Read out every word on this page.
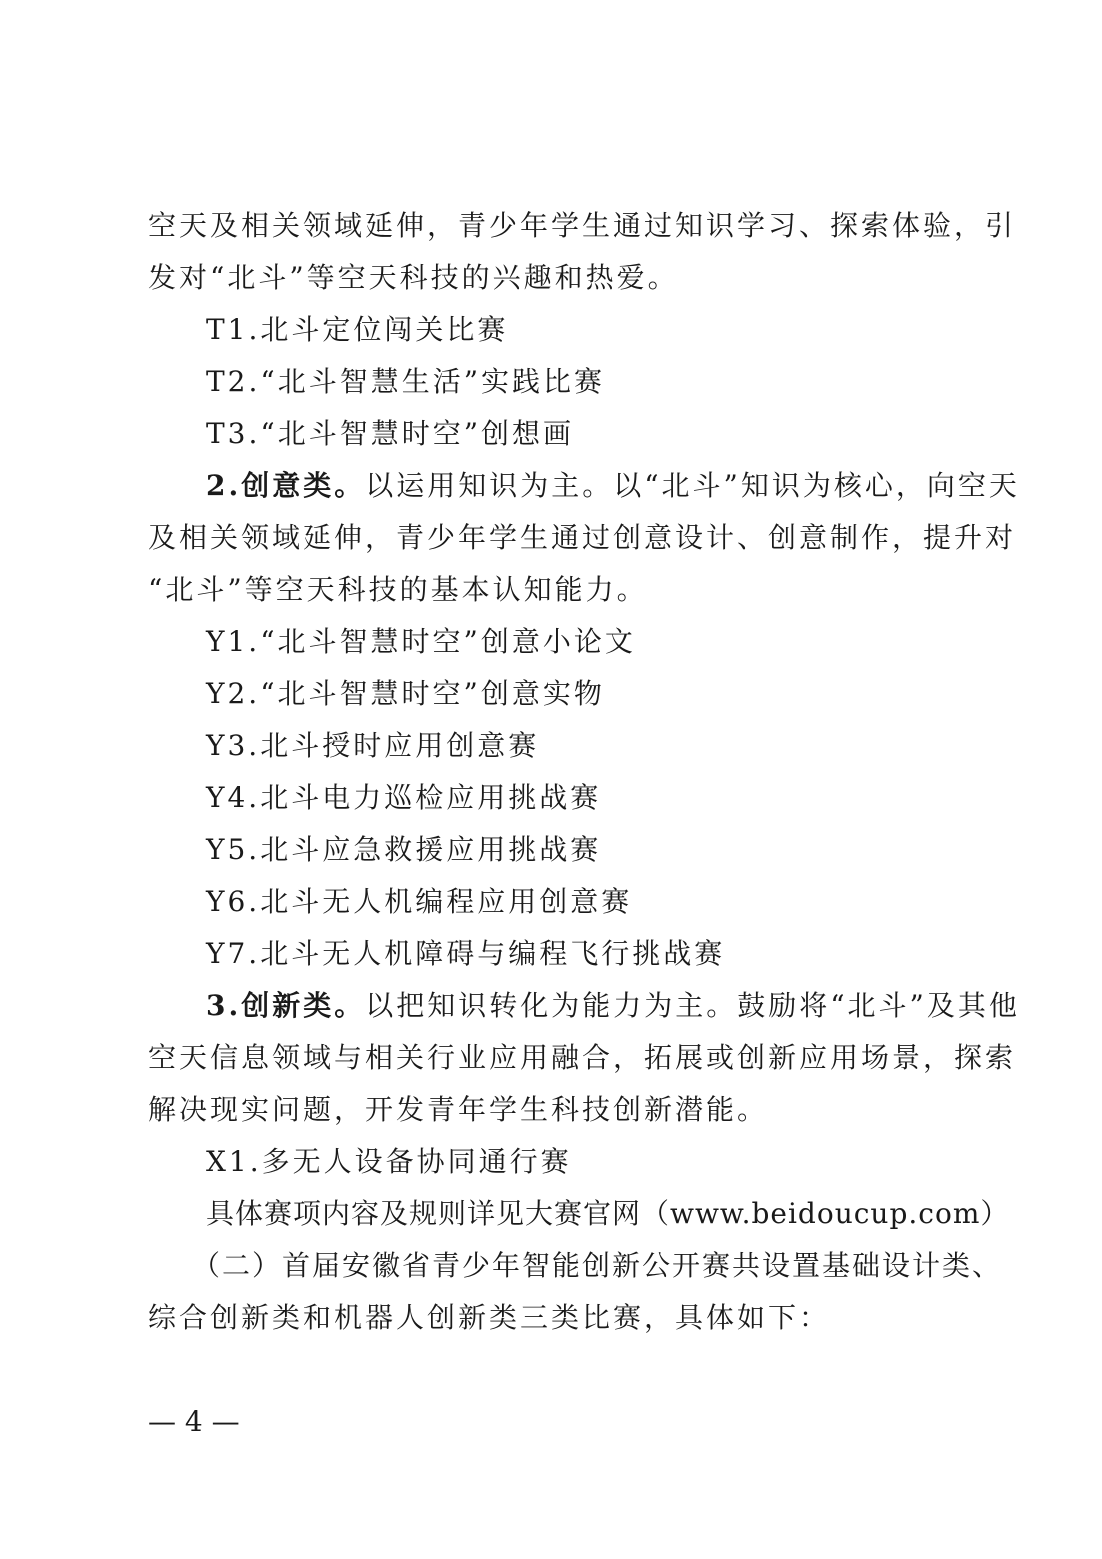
空天及相关领域延伸，青少年学生通过知识学习、探索体验，引
发对“北斗”等空天科技的兴趣和热爱。
T1.北斗定位闯关比赛
T2.“北斗智慧生活”实践比赛
T3.“北斗智慧时空”创想画
2.创意类。以运用知识为主。以“北斗”知识为核心，向空天
及相关领域延伸，青少年学生通过创意设计、创意制作，提升对
“北斗”等空天科技的基本认知能力。
Y1.“北斗智慧时空”创意小论文
Y2.“北斗智慧时空”创意实物
Y3.北斗授时应用创意赛
Y4.北斗电力巡检应用挑战赛
Y5.北斗应急救援应用挑战赛
Y6.北斗无人机编程应用创意赛
Y7.北斗无人机障碍与编程飞行挑战赛
3.创新类。以把知识转化为能力为主。鼓励将“北斗”及其他
空天信息领域与相关行业应用融合，拓展或创新应用场景，探索
解决现实问题，开发青年学生科技创新潜能。
X1.多无人设备协同通行赛
具体赛项内容及规则详见大赛官网（www.beidoucup.com）
（二）首届安徽省青少年智能创新公开赛共设置基础设计类、
综合创新类和机器人创新类三类比赛，具体如下：
— 4 —
